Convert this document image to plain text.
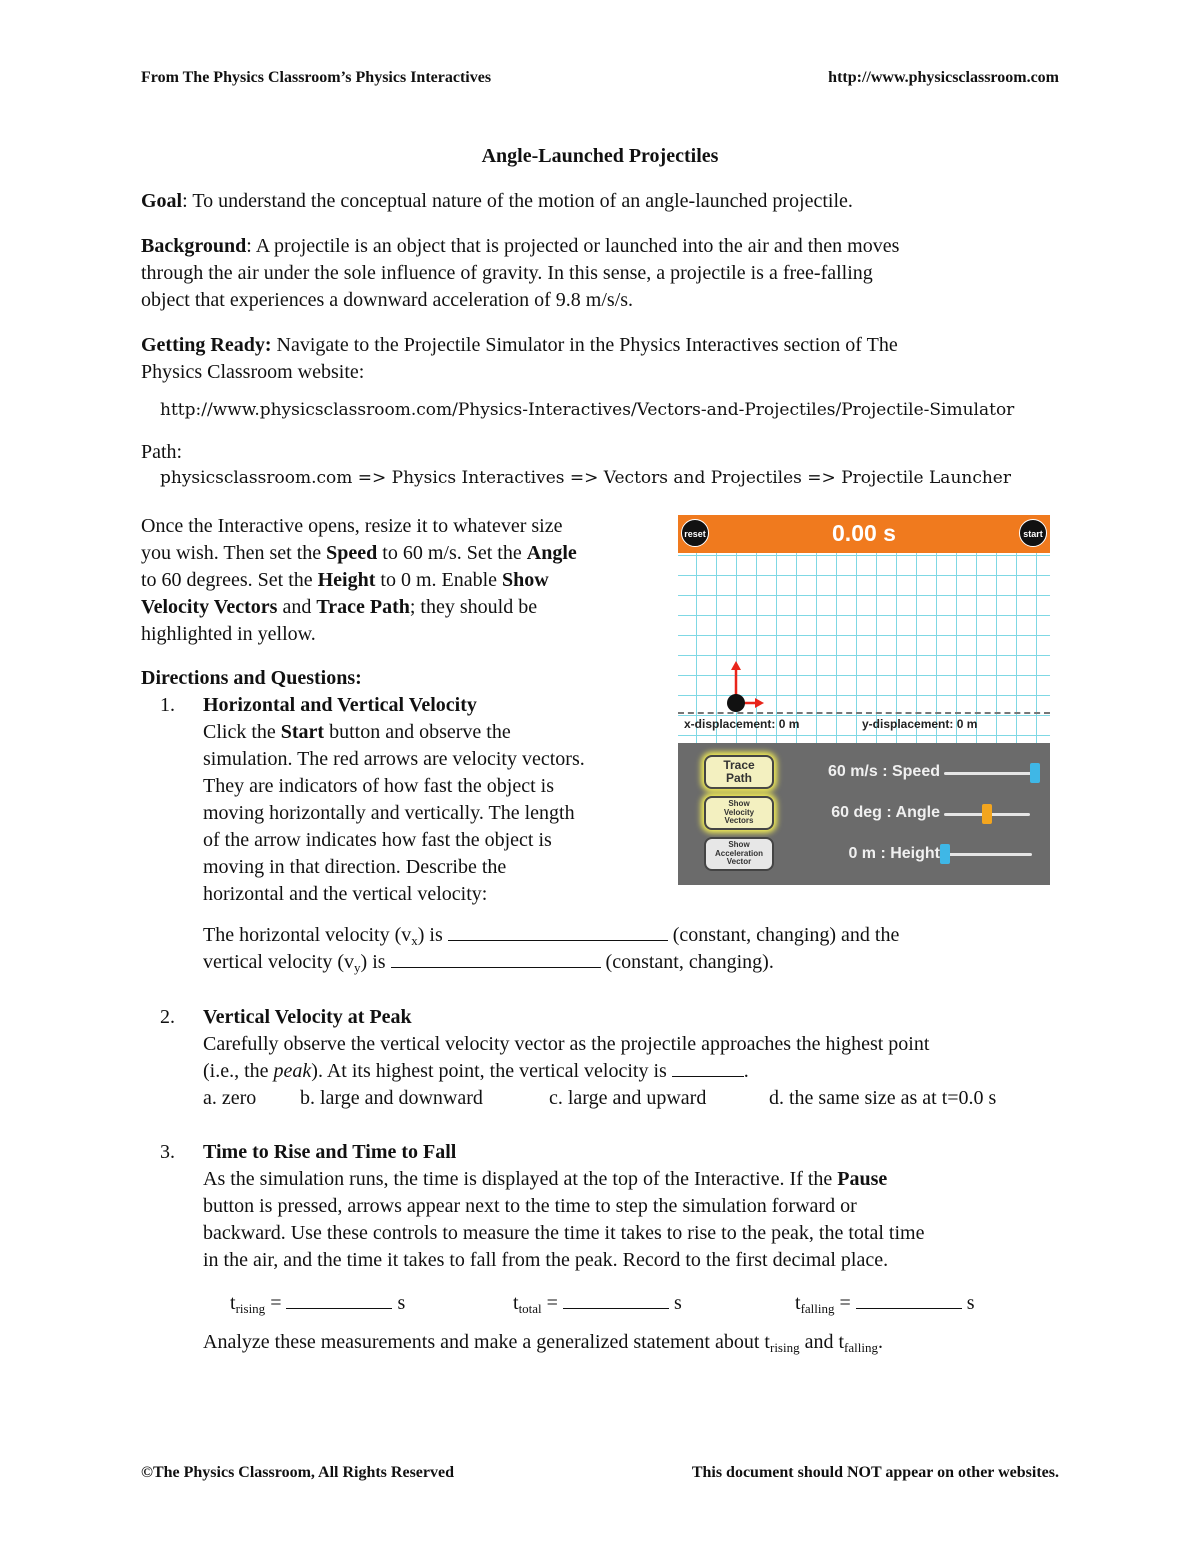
From The Physics Classroom’s Physics Interactives	http://www.physicsclassroom.com
Angle-Launched Projectiles
Goal: To understand the conceptual nature of the motion of an angle-launched projectile.
Background: A projectile is an object that is projected or launched into the air and then moves
through the air under the sole influence of gravity. In this sense, a projectile is a free-falling
object that experiences a downward acceleration of 9.8 m/s/s.
Getting Ready: Navigate to the Projectile Simulator in the Physics Interactives section of The
Physics Classroom website:
http://www.physicsclassroom.com/Physics-Interactives/Vectors-and-Projectiles/Projectile-Simulator
Path:
physicsclassroom.com => Physics Interactives => Vectors and Projectiles => Projectile Launcher
Once the Interactive opens, resize it to whatever size
you wish. Then set the Speed to 60 m/s. Set the Angle
to 60 degrees. Set the Height to 0 m. Enable Show
Velocity Vectors and Trace Path; they should be
highlighted in yellow.
Directions and Questions:
1. Horizontal and Vertical Velocity
Click the Start button and observe the
simulation. The red arrows are velocity vectors.
They are indicators of how fast the object is
moving horizontally and vertically. The length
of the arrow indicates how fast the object is
moving in that direction. Describe the
horizontal and the vertical velocity:
The horizontal velocity $(v_x)$ is	(constant, changing) and the
vertical velocity $(v_y)$ is	(constant, changing).
2. Vertical Velocity at Peak
Carefully observe the vertical velocity vector as the projectile approaches the highest point
(i.e., the peak). At its highest point, the vertical velocity is	.
a. zero b. large and downward	c. large and upward	d. the same size as at t=0.0 s
3. Time to Rise and Time to Fall
As the simulation runs, the time is displayed at the top of the Interactive. If the Pause
button is pressed, arrows appear next to the time to step the simulation forward or
backward. Use these controls to measure the time it takes to rise to the peak, the total time
in the air, and the time it takes to fall from the peak. Record to the first decimal place.
$t_{rising}$ =	s	$t_{total}$ =	s	$t_{falling}$ =	s
Analyze these measurements and make a generalized statement about $t_{rising}$ and $t_{falling}$.
reset	0.00 s	start
x-displacement: 0 m	y-displacement: 0 m
Trace
Path
Show
Velocity
Vectors
Show
Acceleration
Vector
60 m/s : Speed
60 deg : Angle
0 m : Height
©The Physics Classroom, All Rights Reserved	This document should NOT appear on other websites.
